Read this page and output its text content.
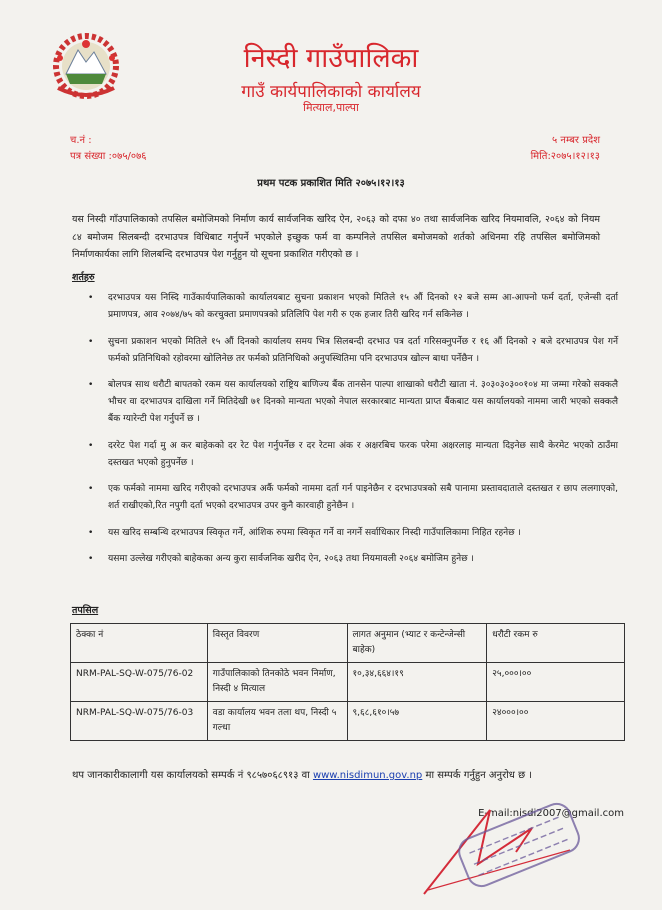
निस्दी गाउँपालिका
गाउँ कार्यपालिकाको कार्यालय
मित्याल,पाल्पा
च.नं :
पत्र संख्या :०७५/०७६
५ नम्बर प्रदेश
मिति:२०७५।१२।१३
प्रथम पटक प्रकाशित मिति २०७५।१२।१३
यस निस्दी गाँउपालिकाको तपसिल बमोजिमको निर्माण कार्य सार्वजनिक खरिद ऐन, २०६३ को दफा ४० तथा सार्वजनिक खरिद नियमावलि, २०६४ को नियम ८४ बमोजम सिलबन्दी दरभाउपत्र विधिबाट गर्नुपर्ने भएकोले इच्छुक फर्म वा कम्पनिले तपसिल बमोजमको शर्तको अधिनमा रहि तपसिल बमोजिमको निर्माणकार्यका लागि शिलबन्दि दरभाउपत्र पेश गर्नुहुन यो सूचना प्रकाशित गरीएको छ ।
शर्तहरु
• दरभाउपत्र यस निस्दि गाउँकार्यपालिकाको कार्यालयबाट सुचना प्रकाशन भएको मितिले १५ औं दिनको १२ बजे सम्म आ-आफ्नो फर्म दर्ता, एजेन्सी दर्ता प्रमाणपत्र, आव २०७४/७५ को करचुक्ता प्रमाणपत्रको प्रतिलिपि पेश गरी रु एक हजार तिरी खरिद गर्न सकिनेछ ।
• सुचना प्रकाशन भएको मितिले १५ औं दिनको कार्यालय समय भित्र सिलबन्दी दरभाउ पत्र दर्ता गरिसक्नुपर्नेछ र १६ औं दिनको २ बजे दरभाउपत्र पेश गर्ने फर्मको प्रतिनिधिको रहोवरमा खोलिनेछ तर फर्मको प्रतिनिधिको अनुपस्थितिमा पनि दरभाउपत्र खोल्न बाधा पर्नेछैन ।
• बोलपत्र साथ धरौटी बापतको रकम यस कार्यालयको राष्ट्रिय बाणिज्य बैंक तानसेन पाल्पा शाखाको धरौटी खाता नं. ३०३०३०३००१०४ मा जम्मा गरेको सक्कलै भौचर वा दरभाउपत्र दाखिला गर्ने मितिदेखी ७१ दिनको मान्यता भएको नेपाल सरकारबाट मान्यता प्राप्त बैंकबाट यस कार्यालयको नाममा जारी भएको सक्कलै बैंक ग्यारेन्टी पेश गर्नुपर्ने छ ।
• दररेट पेश गर्दा मु अ कर बाहेकको दर रेट पेश गर्नुपर्नेछ र दर रेटमा अंक र अक्षरबिच फरक परेमा अक्षरलाइ मान्यता दिइनेछ साथै केरमेट भएको ठाउँमा दस्तखत भएको हुनुपर्नेछ ।
• एक फर्मको नाममा खरिद गरीएको दरभाउपत्र अर्कै फर्मको नाममा दर्ता गर्न पाइनेछैन र दरभाउपत्रको सबै पानामा प्रस्तावदाताले दस्तखत र छाप ललगाएको, शर्त राखीएको,रित नपुगी दर्ता भएको दरभाउपत्र उपर कुनै कारवाही हुनेछैन ।
• यस खरिद सम्बन्धि दरभाउपत्र स्विकृत गर्ने, आंशिक रुपमा स्विकृत गर्ने वा नगर्ने सर्वाधिकार निस्दी गाउँपालिकामा निहित रहनेछ ।
• यसमा उल्लेख गरीएको बाहेकका अन्य कुरा सार्वजनिक खरीद ऐन, २०६३ तथा नियमावली २०६४ बमोजिम हुनेछ ।
तपसिल
ठेक्का नं	विस्तृत विवरण	लागत अनुमान (भ्याट र कन्टेन्जेन्सी बाहेक)	धरौटी रकम रु
NRM-PAL-SQ-W-075/76-02	गाउँपालिकाको तिनकोठे भवन निर्माण, निस्दी ४ मित्याल	१०,३४,६६४।१९	२५,०००।००
NRM-PAL-SQ-W-075/76-03	वडा कार्यालय भवन तला थप, निस्दी ५ गल्धा	९,६८,६१०।५७	२४०००।००
थप जानकारीकालागी यस कार्यालयको सम्पर्क नं ९८५७०६८९१३ वा www.nisdimun.gov.np मा सम्पर्क गर्नुहुन अनुरोध छ ।
E-mail:nisdi2007@gmail.com
